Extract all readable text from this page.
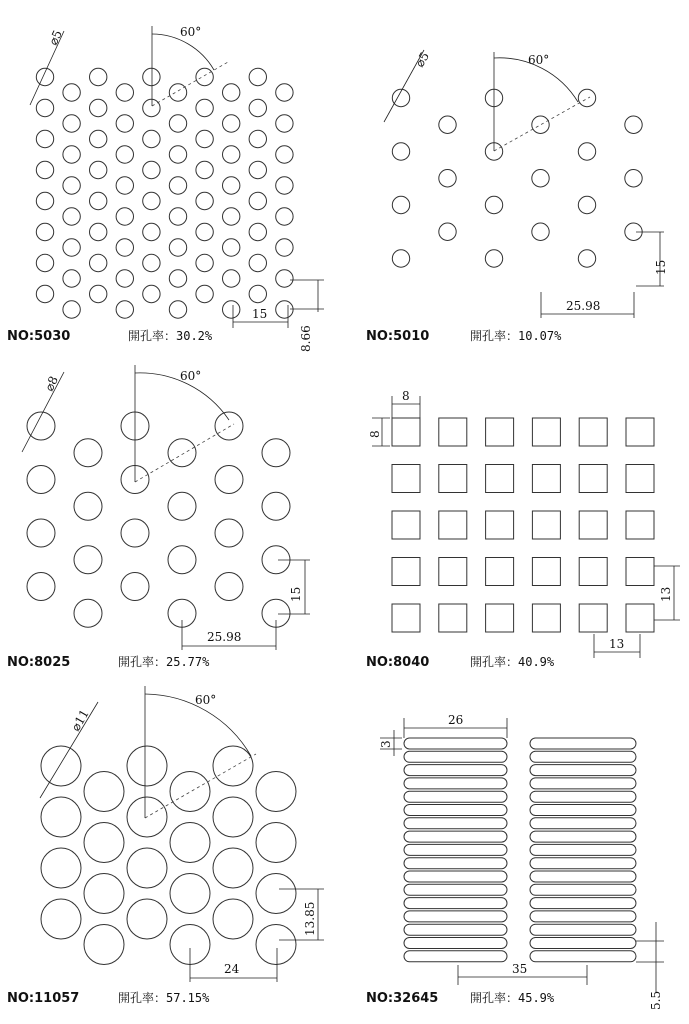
⌀5	60°
15
8.66
NO:5030	開孔率：30.2%
⌀5	60°
25.98
15
NO:5010	開孔率：10.07%
⌀8	60°
25.98
15
NO:8025	開孔率：25.77%
8
8
13
13
NO:8040	開孔率：40.9%
⌀11
60°
24
13.85
NO:11057	開孔率：57.15%
26
3
35
5.5
NO:32645	開孔率：45.9%
